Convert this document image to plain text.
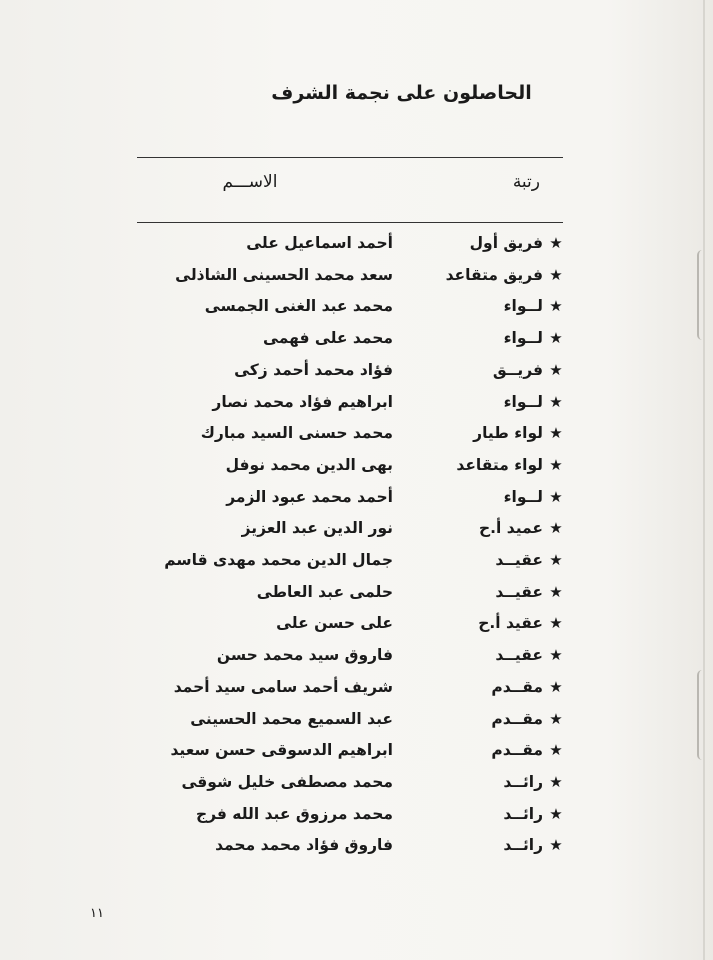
الحاصلون على نجمة الشرف
رتبة
الاســـم
★
فريق أول
أحمد اسماعيل على
★
فريق متقاعد
سعد محمد الحسينى الشاذلى
★
لــواء
محمد عبد الغنى الجمسى
★
لــواء
محمد على فهمى
★
فريــق
فؤاد محمد أحمد زكى
★
لــواء
ابراهيم فؤاد محمد نصار
★
لواء طيار
محمد حسنى السيد مبارك
★
لواء متقاعد
بهى الدين محمد نوفل
★
لــواء
أحمد محمد عبود الزمر
★
عميد أ.ح
نور الدين عبد العزيز
★
عقيــد
جمال الدين محمد مهدى قاسم
★
عقيــد
حلمى عبد العاطى
★
عقيد أ.ح
على حسن على
★
عقيــد
فاروق سيد محمد حسن
★
مقــدم
شريف أحمد سامى سيد أحمد
★
مقــدم
عبد السميع محمد الحسينى
★
مقــدم
ابراهيم الدسوقى حسن سعيد
★
رائــد
محمد مصطفى خليل شوقى
★
رائــد
محمد مرزوق عبد الله فرج
★
رائــد
فاروق فؤاد محمد محمد
١١
